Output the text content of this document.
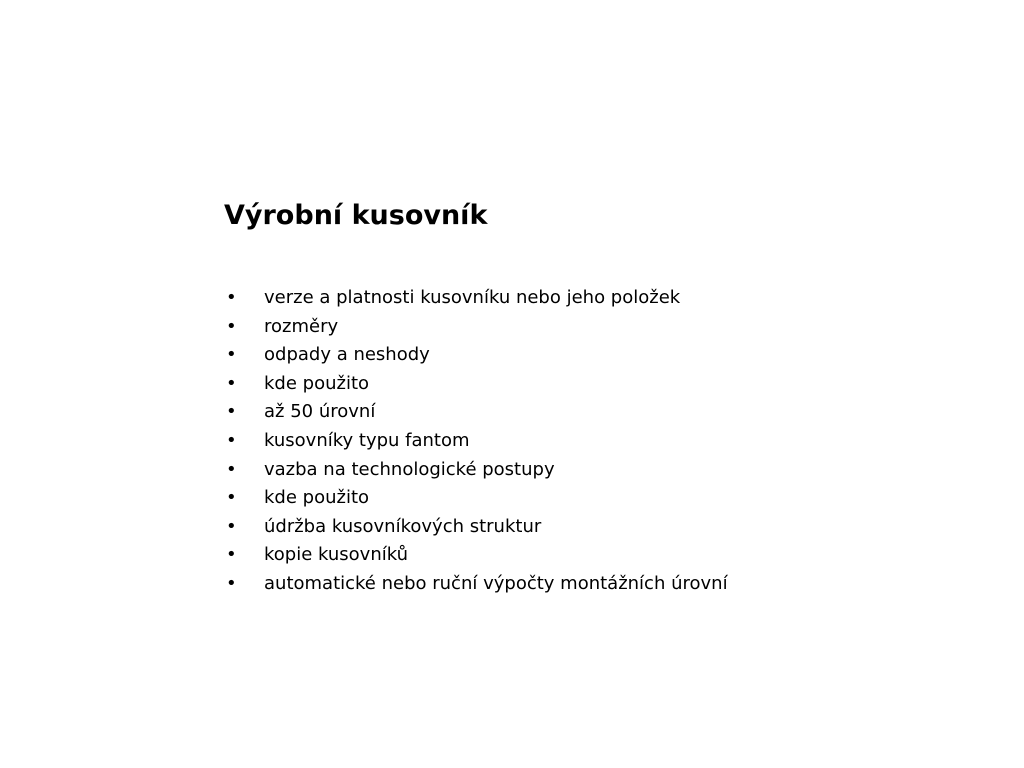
Výrobní kusovník
• verze a platnosti kusovníku nebo jeho položek
• rozměry
• odpady a neshody
• kde použito
• až 50 úrovní
• kusovníky typu fantom
• vazba na technologické postupy
• kde použito
• údržba kusovníkových struktur
• kopie kusovníků
• automatické nebo ruční výpočty montážních úrovní
